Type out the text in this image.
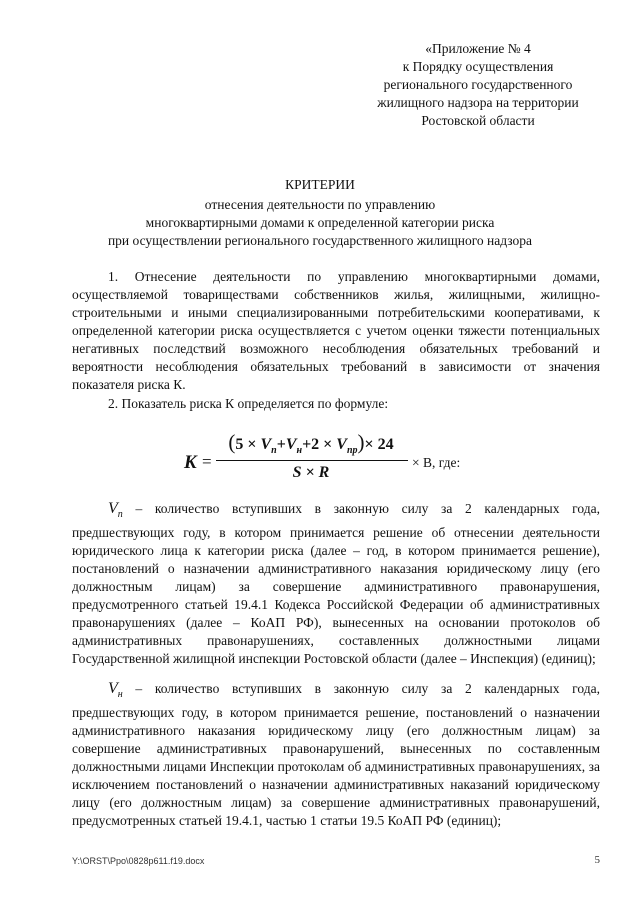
«Приложение № 4
к Порядку осуществления
регионального государственного
жилищного надзора на территории
Ростовской области
КРИТЕРИИ
отнесения деятельности по управлению
многоквартирными домами к определенной категории риска
при осуществлении регионального государственного жилищного надзора

1. Отнесение деятельности по управлению многоквартирными домами, осуществляемой товариществами собственников жилья, жилищными, жилищно-строительными и иными специализированными потребительскими кооперативами, к определенной категории риска осуществляется с учетом оценки тяжести потенциальных негативных последствий возможного несоблюдения обязательных требований и вероятности несоблюдения обязательных требований в зависимости от значения показателя риска К.

2. Показатель риска К определяется по формуле:

K =
$(5 \times V_п+V_н+2 \times V_{пр})\times 24$
S × R
× В, где:

$V_п$ – количество вступивших в законную силу за 2 календарных года, предшествующих году, в котором принимается решение об отнесении деятельности юридического лица к категории риска (далее – год, в котором принимается решение), постановлений о назначении административного наказания юридическому лицу (его должностным лицам) за совершение административного правонарушения, предусмотренного статьей 19.4.1 Кодекса Российской Федерации об административных правонарушениях (далее – КоАП РФ), вынесенных на основании протоколов об административных правонарушениях, составленных должностными лицами Государственной жилищной инспекции Ростовской области (далее – Инспекция) (единиц);

$V_н$ – количество вступивших в законную силу за 2 календарных года, предшествующих году, в котором принимается решение, постановлений о назначении административного наказания юридическому лицу (его должностным лицам) за совершение административных правонарушений, вынесенных по составленным должностными лицами Инспекции протоколам об административных правонарушениях, за исключением постановлений о назначении административных наказаний юридическому лицу (его должностным лицам) за совершение административных правонарушений, предусмотренных статьей 19.4.1, частью 1 статьи 19.5 КоАП РФ (единиц);

Y:\ORST\Ppo\0828p611.f19.docx	5
